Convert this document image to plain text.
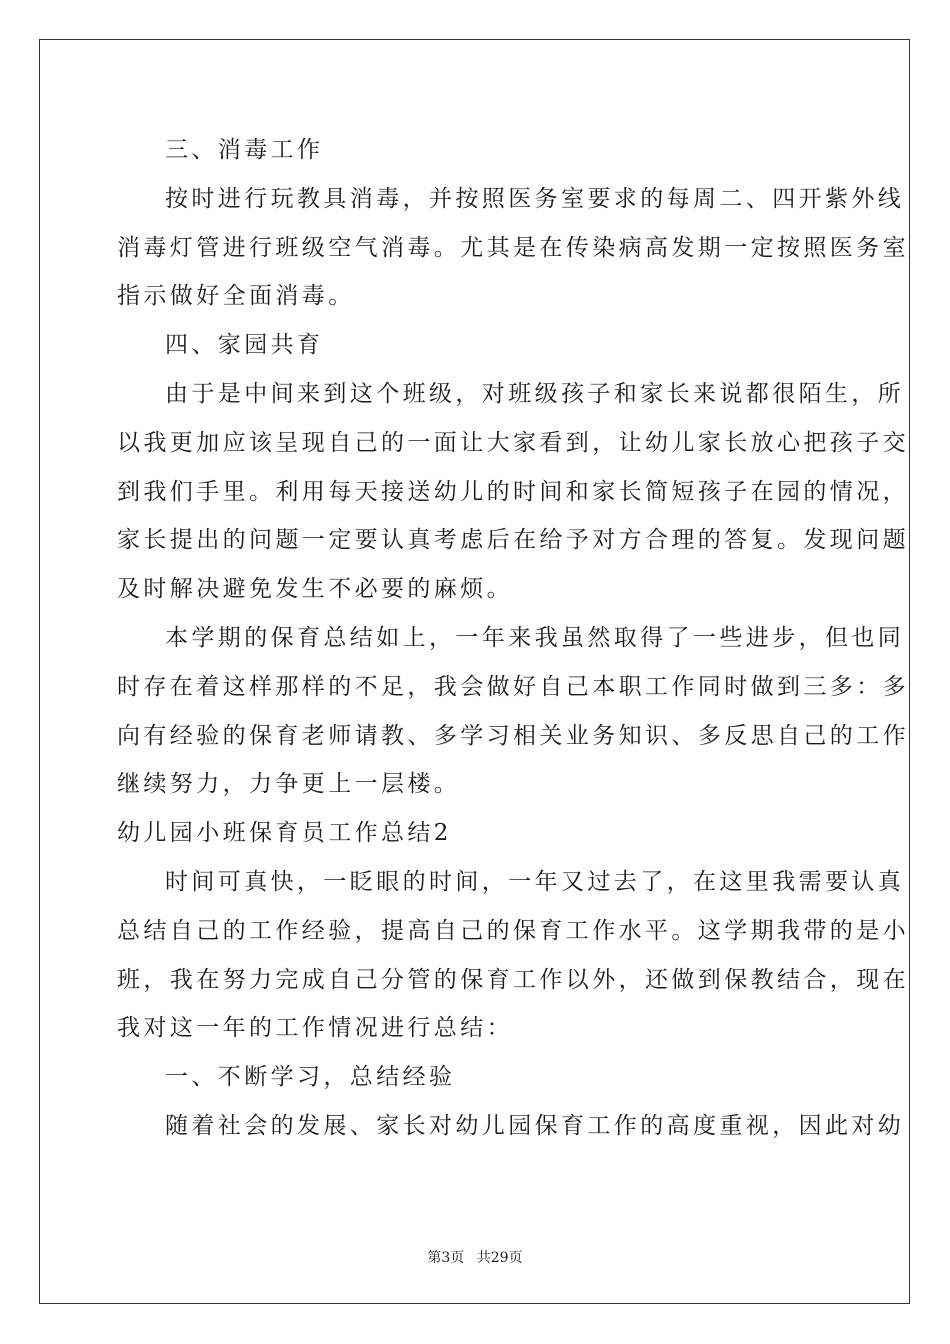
三、消毒工作
按时进行玩教具消毒，并按照医务室要求的每周二、四开紫外线
消毒灯管进行班级空气消毒。尤其是在传染病高发期一定按照医务室
指示做好全面消毒。
四、家园共育
由于是中间来到这个班级，对班级孩子和家长来说都很陌生，所
以我更加应该呈现自己的一面让大家看到，让幼儿家长放心把孩子交
到我们手里。利用每天接送幼儿的时间和家长简短孩子在园的情况，
家长提出的问题一定要认真考虑后在给予对方合理的答复。发现问题
及时解决避免发生不必要的麻烦。
本学期的保育总结如上，一年来我虽然取得了一些进步，但也同
时存在着这样那样的不足，我会做好自己本职工作同时做到三多：多
向有经验的保育老师请教、多学习相关业务知识、多反思自己的工作
继续努力，力争更上一层楼。
幼儿园小班保育员工作总结2
时间可真快，一眨眼的时间，一年又过去了，在这里我需要认真
总结自己的工作经验，提高自己的保育工作水平。这学期我带的是小
班，我在努力完成自己分管的保育工作以外，还做到保教结合，现在
我对这一年的工作情况进行总结：
一、不断学习，总结经验
随着社会的发展、家长对幼儿园保育工作的高度重视，因此对幼
第3页 共29页
